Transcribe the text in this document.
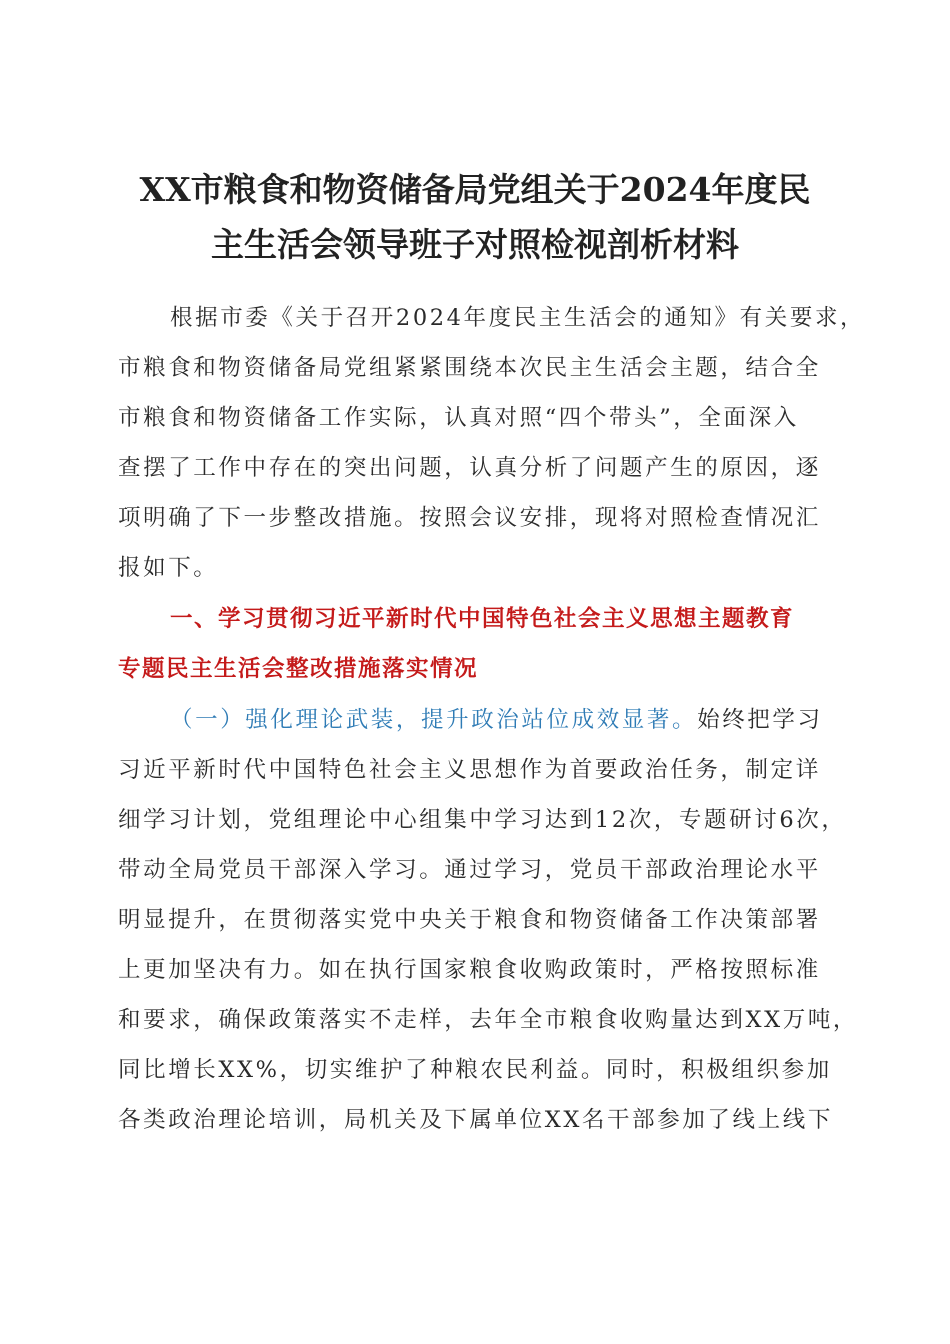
XX市粮食和物资储备局党组关于2024年度民
主生活会领导班子对照检视剖析材料
根据市委《关于召开2024年度民主生活会的通知》有关要求，
市粮食和物资储备局党组紧紧围绕本次民主生活会主题，结合全
市粮食和物资储备工作实际，认真对照“四个带头”，全面深入
查摆了工作中存在的突出问题，认真分析了问题产生的原因，逐
项明确了下一步整改措施。按照会议安排，现将对照检查情况汇
报如下。
一、学习贯彻习近平新时代中国特色社会主义思想主题教育
专题民主生活会整改措施落实情况
（一）强化理论武装，提升政治站位成效显著。始终把学习
习近平新时代中国特色社会主义思想作为首要政治任务，制定详
细学习计划，党组理论中心组集中学习达到12次，专题研讨6次，
带动全局党员干部深入学习。通过学习，党员干部政治理论水平
明显提升，在贯彻落实党中央关于粮食和物资储备工作决策部署
上更加坚决有力。如在执行国家粮食收购政策时，严格按照标准
和要求，确保政策落实不走样，去年全市粮食收购量达到XX万吨，
同比增长XX%，切实维护了种粮农民利益。同时，积极组织参加
各类政治理论培训，局机关及下属单位XX名干部参加了线上线下
